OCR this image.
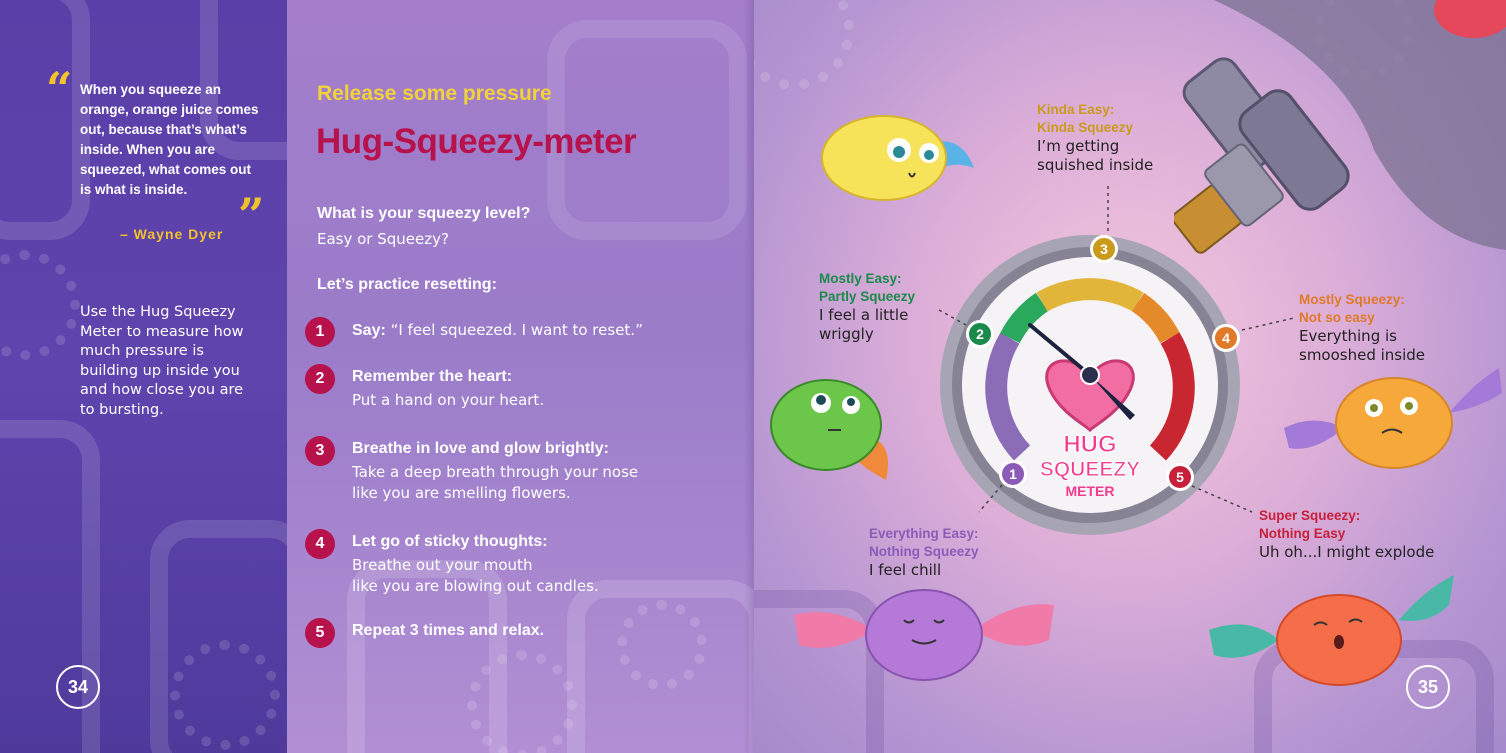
“ When you squeeze an orange, orange juice comes out, because that’s what’s inside. When you are squeezed, what comes out is what is inside.	”
– Wayne Dyer
Use the Hug Squeezy Meter to measure how much pressure is building up inside you and how close you are to bursting.
34
Release some pressure
Hug-Squeezy-meter
What is your squeezy level?
Easy or Squeezy?
Let’s practice resetting:
1	Say: “I feel squeezed. I want to reset.”
2	Remember the heart:
Put a hand on your heart.
3	Breathe in love and glow brightly:
Take a deep breath through your nose
like you are smelling flowers.
4	Let go of sticky thoughts:
Breathe out your mouth
like you are blowing out candles.
5	Repeat 3 times and relax.
HUG
SQUEEZY
METER
1
2
3
4
5
Kinda Easy:
Kinda Squeezy
I’m getting
squished inside
Mostly Easy:
Partly Squeezy
I feel a little
wriggly
Mostly Squeezy:
Not so easy
Everything is
smooshed inside
Everything Easy:
Nothing Squeezy
I feel chill
Super Squeezy:
Nothing Easy
Uh oh...I might explode
35
